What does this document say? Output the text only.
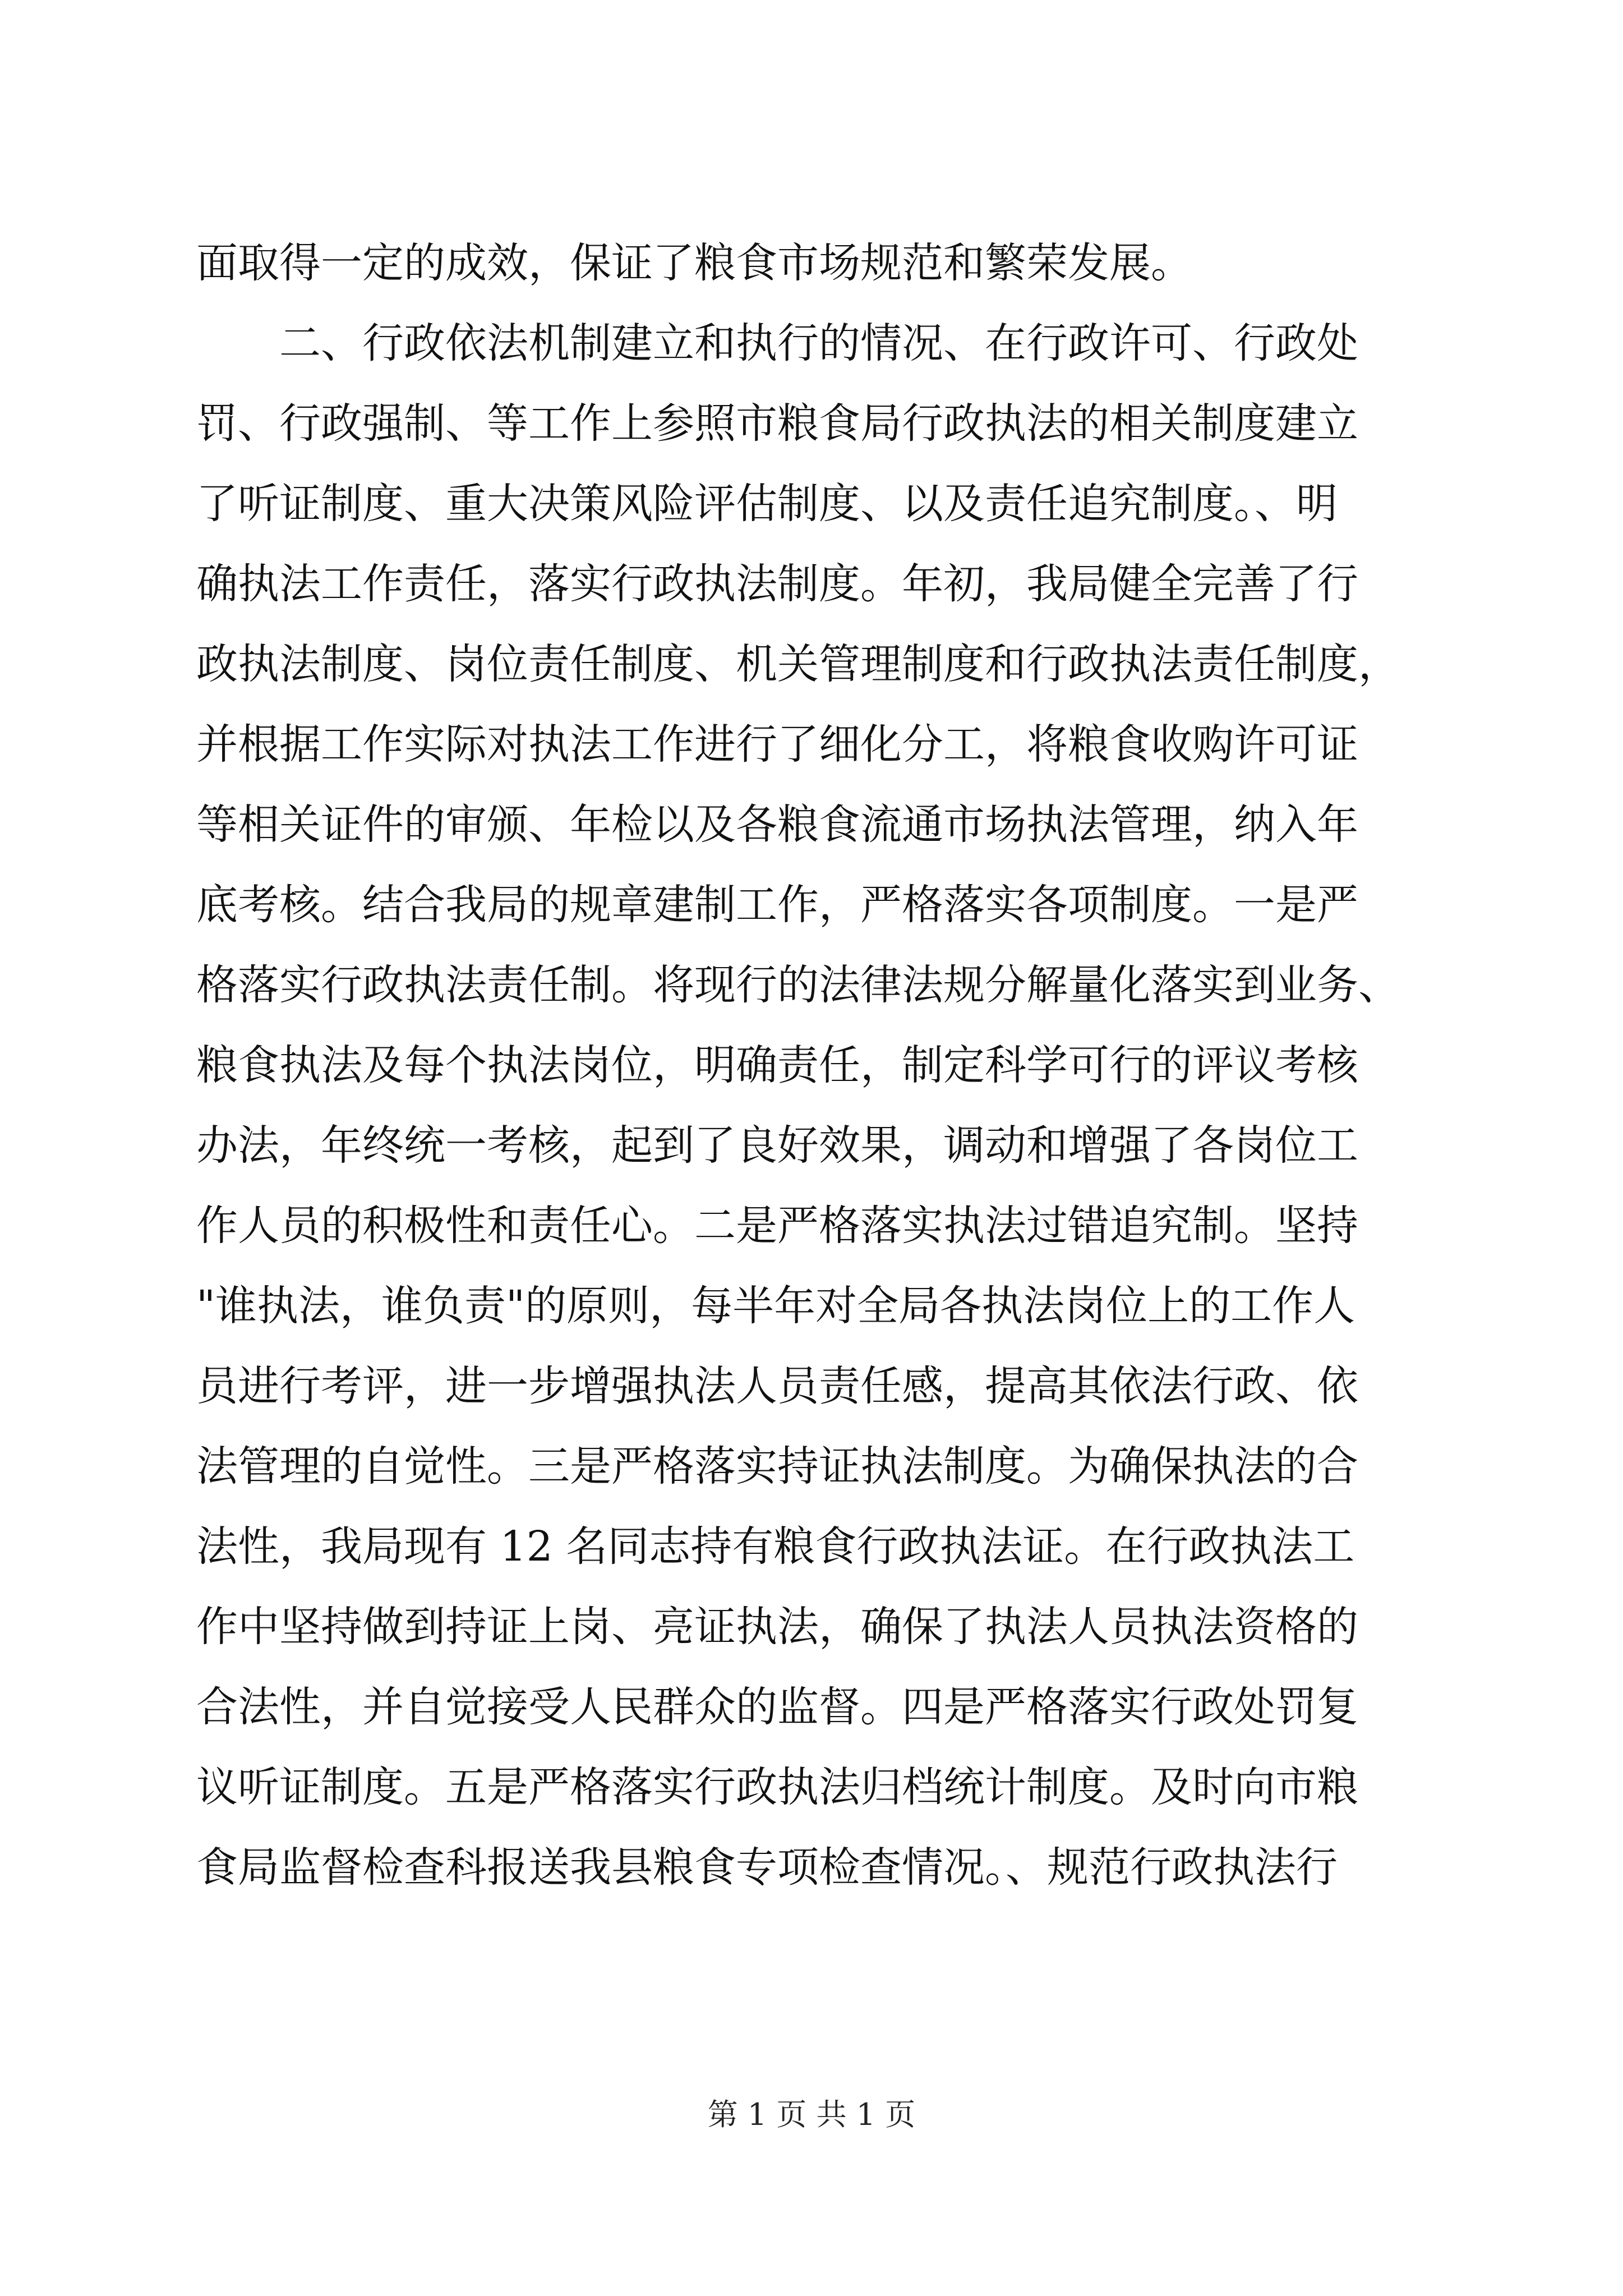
面取得一定的成效，保证了粮食市场规范和繁荣发展。
　　二、行政依法机制建立和执行的情况、在行政许可、行政处
罚、行政强制、等工作上参照市粮食局行政执法的相关制度建立
了听证制度、重大决策风险评估制度、以及责任追究制度。、明
确执法工作责任，落实行政执法制度。年初，我局健全完善了行
政执法制度、岗位责任制度、机关管理制度和行政执法责任制度，
并根据工作实际对执法工作进行了细化分工，将粮食收购许可证
等相关证件的审颁、年检以及各粮食流通市场执法管理，纳入年
底考核。结合我局的规章建制工作，严格落实各项制度。一是严
格落实行政执法责任制。将现行的法律法规分解量化落实到业务、
粮食执法及每个执法岗位，明确责任，制定科学可行的评议考核
办法，年终统一考核，起到了良好效果，调动和增强了各岗位工
作人员的积极性和责任心。二是严格落实执法过错追究制。坚持
"谁执法，谁负责"的原则，每半年对全局各执法岗位上的工作人
员进行考评，进一步增强执法人员责任感，提高其依法行政、依
法管理的自觉性。三是严格落实持证执法制度。为确保执法的合
法性，我局现有 12 名同志持有粮食行政执法证。在行政执法工
作中坚持做到持证上岗、亮证执法，确保了执法人员执法资格的
合法性，并自觉接受人民群众的监督。四是严格落实行政处罚复
议听证制度。五是严格落实行政执法归档统计制度。及时向市粮
食局监督检查科报送我县粮食专项检查情况。、规范行政执法行
第 1 页 共 1 页
